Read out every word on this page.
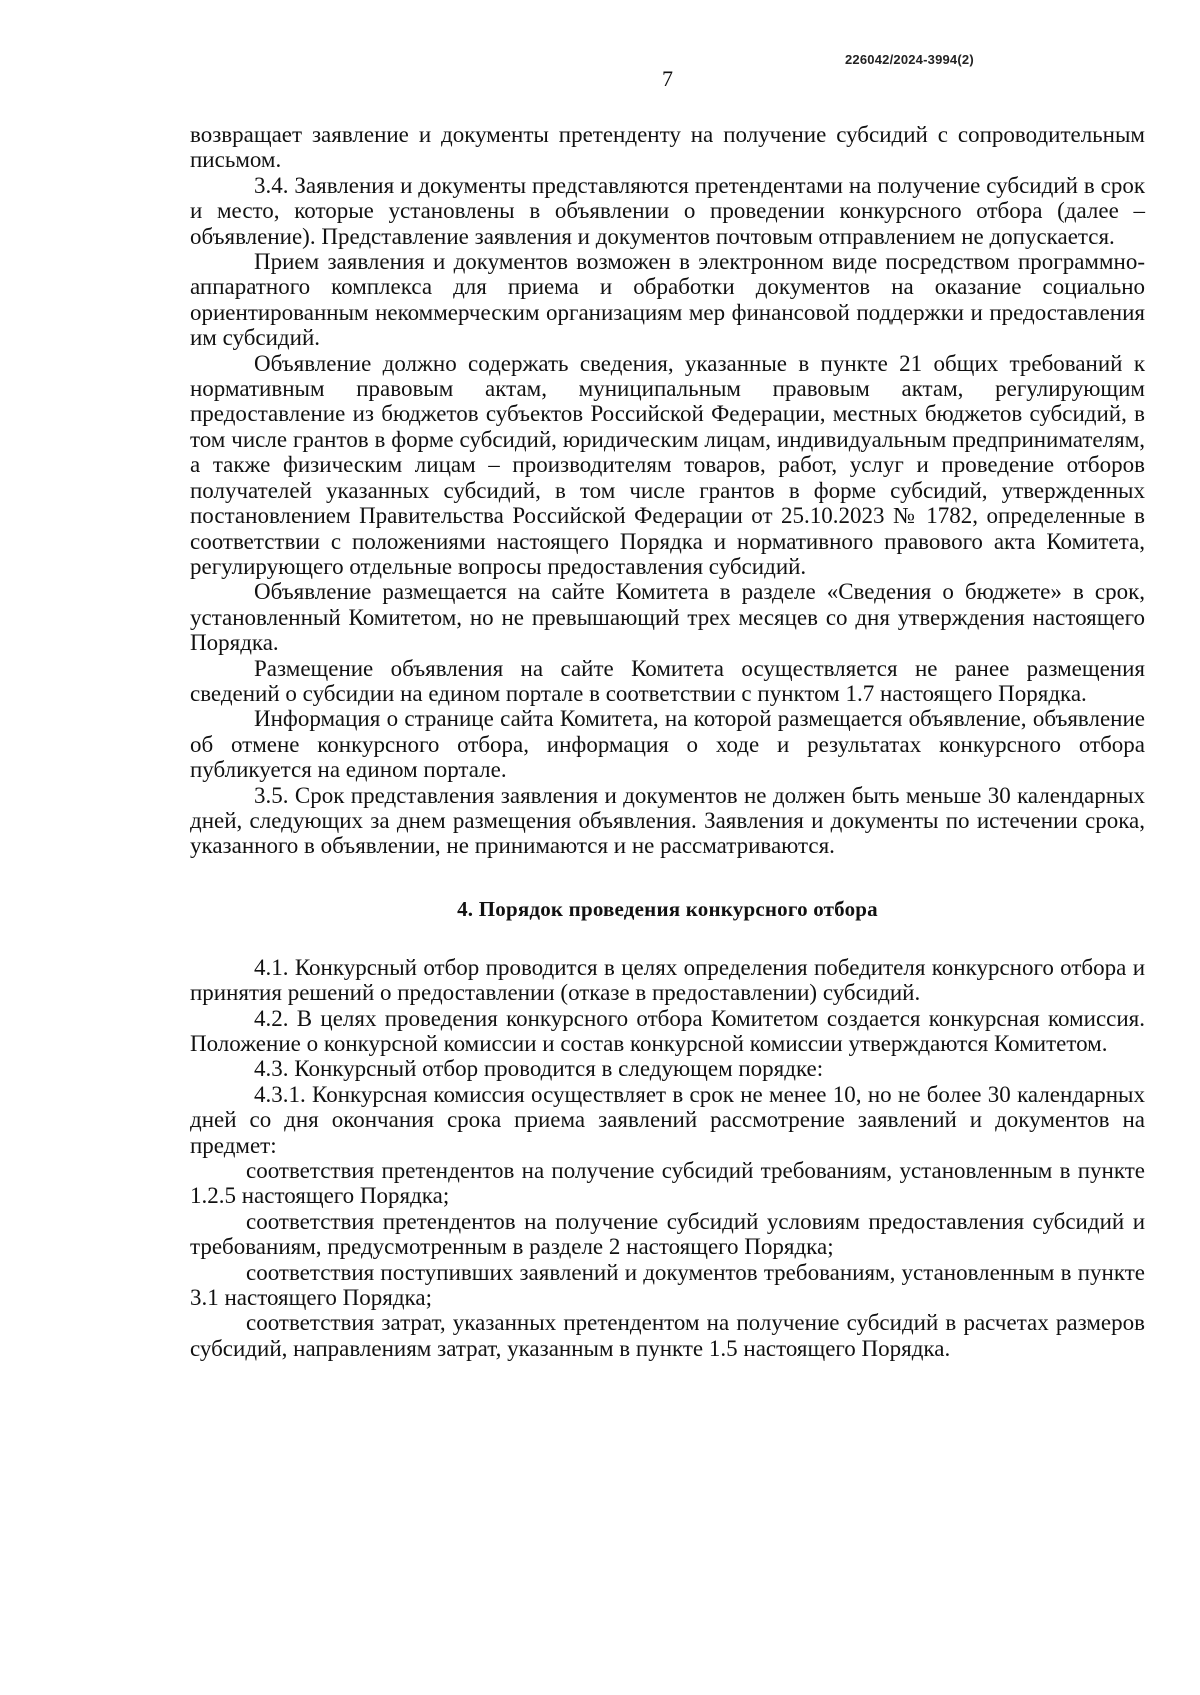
226042/2024-3994(2)
7

возвращает заявление и документы претенденту на получение субсидий с сопроводительным письмом.

3.4. Заявления и документы представляются претендентами на получение субсидий в срок и место, которые установлены в объявлении о проведении конкурсного отбора (далее – объявление). Представление заявления и документов почтовым отправлением не допускается.

Прием заявления и документов возможен в электронном виде посредством программно-аппаратного комплекса для приема и обработки документов на оказание социально ориентированным некоммерческим организациям мер финансовой поддержки и предоставления им субсидий.

Объявление должно содержать сведения, указанные в пункте 21 общих требований к нормативным правовым актам, муниципальным правовым актам, регулирующим предоставление из бюджетов субъектов Российской Федерации, местных бюджетов субсидий, в том числе грантов в форме субсидий, юридическим лицам, индивидуальным предпринимателям, а также физическим лицам – производителям товаров, работ, услуг и проведение отборов получателей указанных субсидий, в том числе грантов в форме субсидий, утвержденных постановлением Правительства Российской Федерации от 25.10.2023 № 1782, определенные в соответствии с положениями настоящего Порядка и нормативного правового акта Комитета, регулирующего отдельные вопросы предоставления субсидий.

Объявление размещается на сайте Комитета в разделе «Сведения о бюджете» в срок, установленный Комитетом, но не превышающий трех месяцев со дня утверждения настоящего Порядка.

Размещение объявления на сайте Комитета осуществляется не ранее размещения сведений о субсидии на едином портале в соответствии с пунктом 1.7 настоящего Порядка.

Информация о странице сайта Комитета, на которой размещается объявление, объявление об отмене конкурсного отбора, информация о ходе и результатах конкурсного отбора публикуется на едином портале.

3.5. Срок представления заявления и документов не должен быть меньше 30 календарных дней, следующих за днем размещения объявления. Заявления и документы по истечении срока, указанного в объявлении, не принимаются и не рассматриваются.

4. Порядок проведения конкурсного отбора

4.1. Конкурсный отбор проводится в целях определения победителя конкурсного отбора и принятия решений о предоставлении (отказе в предоставлении) субсидий.

4.2. В целях проведения конкурсного отбора Комитетом создается конкурсная комиссия. Положение о конкурсной комиссии и состав конкурсной комиссии утверждаются Комитетом.

4.3. Конкурсный отбор проводится в следующем порядке:

4.3.1. Конкурсная комиссия осуществляет в срок не менее 10, но не более 30 календарных дней со дня окончания срока приема заявлений рассмотрение заявлений и документов на предмет:

соответствия претендентов на получение субсидий требованиям, установленным в пункте 1.2.5 настоящего Порядка;

соответствия претендентов на получение субсидий условиям предоставления субсидий и требованиям, предусмотренным в разделе 2 настоящего Порядка;

соответствия поступивших заявлений и документов требованиям, установленным в пункте 3.1 настоящего Порядка;

соответствия затрат, указанных претендентом на получение субсидий в расчетах размеров субсидий, направлениям затрат, указанным в пункте 1.5 настоящего Порядка.
